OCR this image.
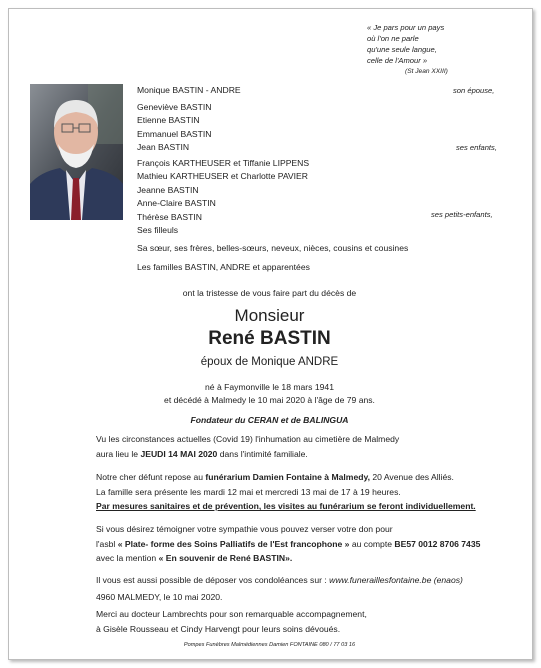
« Je pars pour un pays
où l'on ne parle
qu'une seule langue,
celle de l'Amour »
(St Jean XXIII)
Monique BASTIN - ANDRE	son épouse,
Geneviève BASTIN
Etienne BASTIN
Emmanuel BASTIN
Jean BASTIN	ses enfants,
François KARTHEUSER et Tiffanie LIPPENS
Mathieu KARTHEUSER et Charlotte PAVIER
Jeanne BASTIN
Anne-Claire BASTIN
Thérèse BASTIN	ses petits-enfants,
Ses filleuls
Sa sœur, ses frères, belles-sœurs, neveux, nièces, cousins et cousines
Les familles BASTIN, ANDRE et apparentées
ont la tristesse de vous faire part du décès de
Monsieur
René BASTIN
époux de Monique ANDRE
né à Faymonville le 18 mars 1941
et décédé à Malmedy le 10 mai 2020 à l'âge de 79 ans.
Fondateur du CERAN et de BALINGUA
Vu les circonstances actuelles (Covid 19) l'inhumation au cimetière de Malmedy
aura lieu le JEUDI 14 MAI 2020 dans l'intimité familiale.
Notre cher défunt repose au funérarium Damien Fontaine à Malmedy, 20 Avenue des Alliés.
La famille sera présente les mardi 12 mai et mercredi 13 mai de 17 à 19 heures.
Par mesures sanitaires et de prévention, les visites au funérarium se feront individuellement.
Si vous désirez témoigner votre sympathie vous pouvez verser votre don pour
l'asbl « Plate- forme des Soins Palliatifs de l'Est francophone » au compte BE57 0012 8706 7435
avec la mention « En souvenir de René BASTIN».
Il vous est aussi possible de déposer vos condoléances sur : www.funeraillesfontaine.be (enaos)
4960 MALMEDY, le 10 mai 2020.
Merci au docteur Lambrechts pour son remarquable accompagnement,
à Gisèle Rousseau et Cindy Harvengt pour leurs soins dévoués.
Pompes Funèbres Malmédiennes Damien FONTAINE 080 / 77 03 16
